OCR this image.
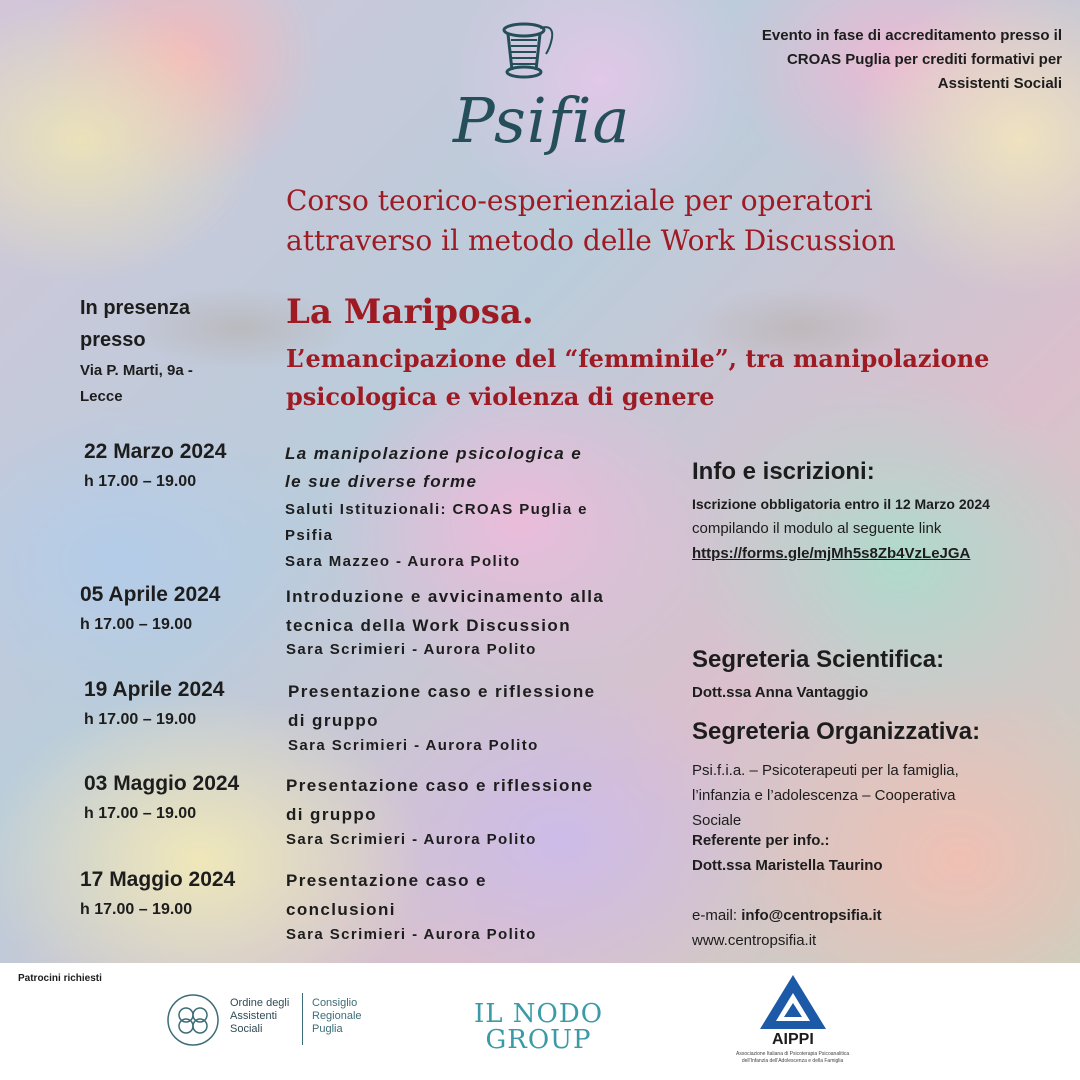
Psifia
Evento in fase di accreditamento presso il
CROAS Puglia per crediti formativi per
Assistenti Sociali
Corso teorico-esperienziale per operatori
attraverso il metodo delle Work Discussion
La Mariposa.
L’emancipazione del “femminile”, tra manipolazione
psicologica e violenza di genere
In presenza
presso
Via P. Marti, 9a -
Lecce
22 Marzo 2024
h 17.00 – 19.00
La manipolazione psicologica e
le sue diverse forme
Saluti Istituzionali: CROAS Puglia e
Psifia
Sara Mazzeo - Aurora Polito
05 Aprile 2024
h 17.00 – 19.00
Introduzione e avvicinamento alla
tecnica della Work Discussion
Sara Scrimieri - Aurora Polito
19 Aprile 2024
h 17.00 – 19.00
Presentazione caso e riflessione
di gruppo
Sara Scrimieri - Aurora Polito
03 Maggio 2024
h 17.00 – 19.00
Presentazione caso e riflessione
di gruppo
Sara Scrimieri - Aurora Polito
17 Maggio 2024
h 17.00 – 19.00
Presentazione caso e
conclusioni
Sara Scrimieri - Aurora Polito
Info e iscrizioni:
Iscrizione obbligatoria entro il 12 Marzo 2024
compilando il modulo al seguente link
https://forms.gle/mjMh5s8Zb4VzLeJGA
Segreteria Scientifica:
Dott.ssa Anna Vantaggio
Segreteria Organizzativa:
Psi.f.i.a. – Psicoterapeuti per la famiglia,
l’infanzia e l’adolescenza – Cooperativa
Sociale
Referente per info.:
Dott.ssa Maristella Taurino
e-mail: info@centropsifia.it
www.centropsifia.it
Patrocini richiesti
Ordine degli
Assistenti
Sociali
Consiglio
Regionale
Puglia	IL NODO
GROUP	AIPPI
Associazione Italiana di Psicoterapia Psicoanalitica
dell'Infanzia dell'Adolescenza e della Famiglia
